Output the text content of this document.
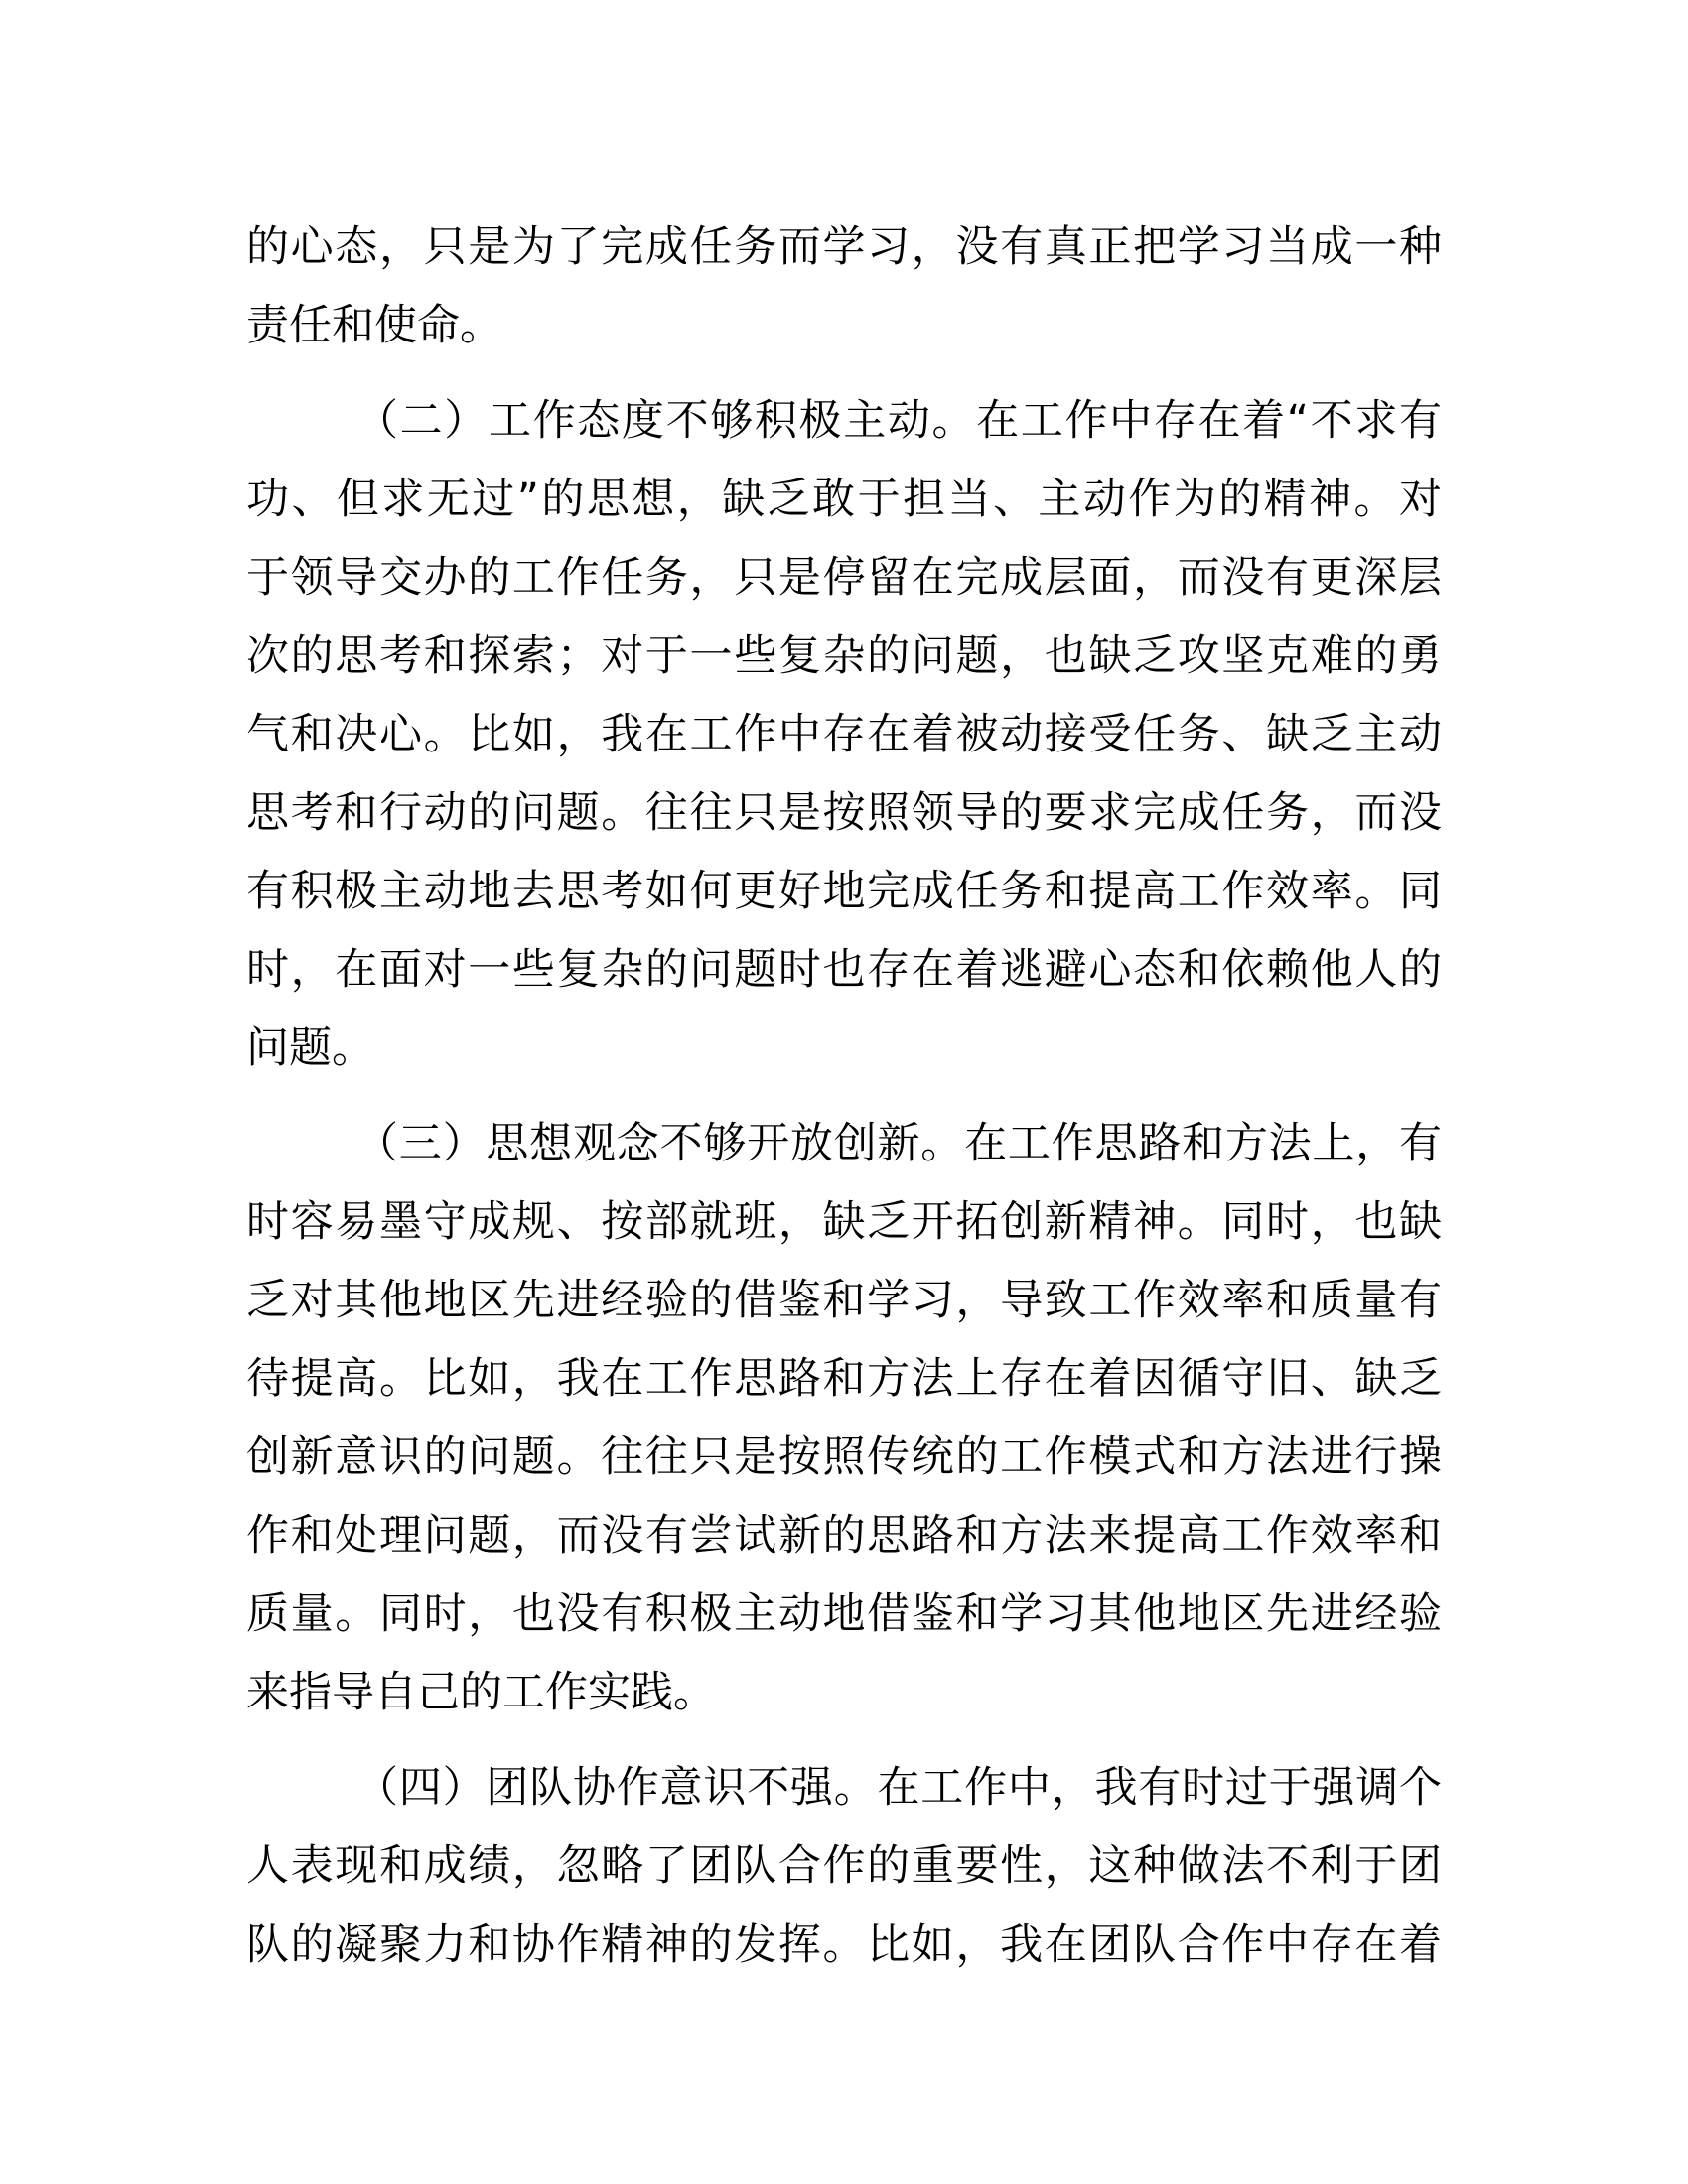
的心态，只是为了完成任务而学习，没有真正把学习当成一种
责任和使命。

（二）工作态度不够积极主动。在工作中存在着“不求有
功、但求无过”的思想，缺乏敢于担当、主动作为的精神。对
于领导交办的工作任务，只是停留在完成层面，而没有更深层
次的思考和探索；对于一些复杂的问题，也缺乏攻坚克难的勇
气和决心。比如，我在工作中存在着被动接受任务、缺乏主动
思考和行动的问题。往往只是按照领导的要求完成任务，而没
有积极主动地去思考如何更好地完成任务和提高工作效率。同
时，在面对一些复杂的问题时也存在着逃避心态和依赖他人的
问题。

（三）思想观念不够开放创新。在工作思路和方法上，有
时容易墨守成规、按部就班，缺乏开拓创新精神。同时，也缺
乏对其他地区先进经验的借鉴和学习，导致工作效率和质量有
待提高。比如，我在工作思路和方法上存在着因循守旧、缺乏
创新意识的问题。往往只是按照传统的工作模式和方法进行操
作和处理问题，而没有尝试新的思路和方法来提高工作效率和
质量。同时，也没有积极主动地借鉴和学习其他地区先进经验
来指导自己的工作实践。

（四）团队协作意识不强。在工作中，我有时过于强调个
人表现和成绩，忽略了团队合作的重要性，这种做法不利于团
队的凝聚力和协作精神的发挥。比如，我在团队合作中存在着
